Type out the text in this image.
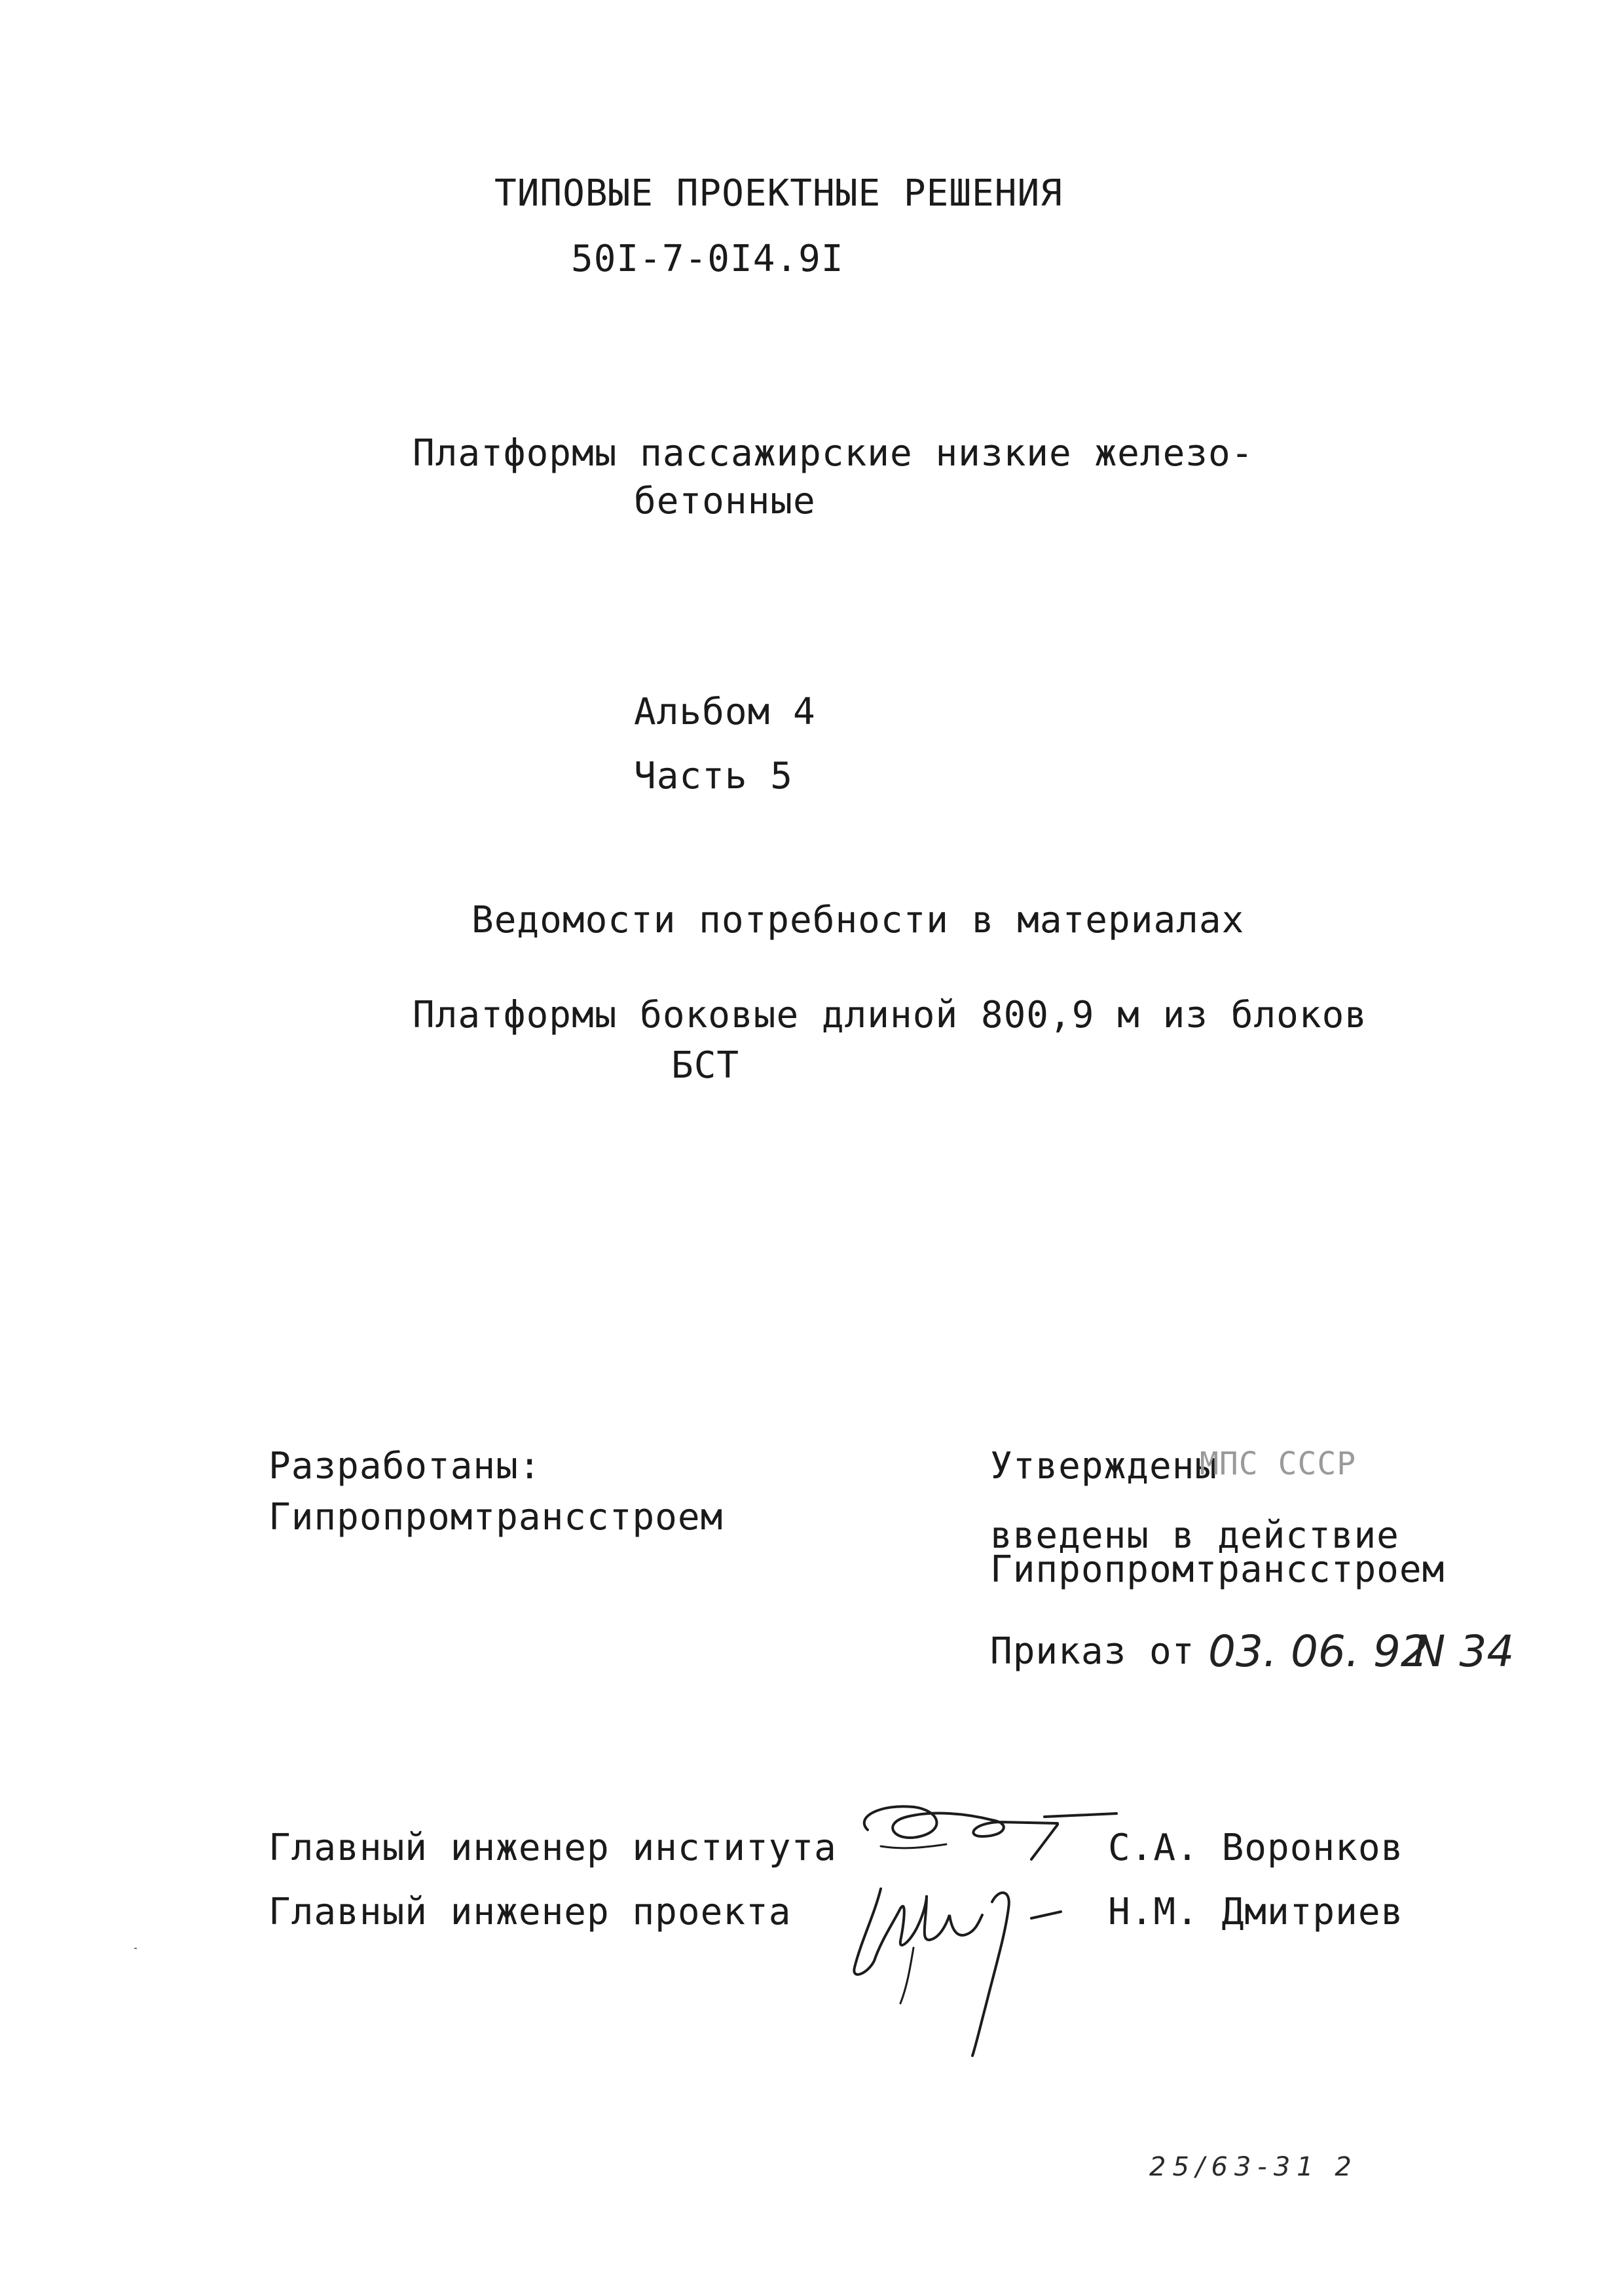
ТИПОВЫЕ ПРОЕКТНЫЕ РЕШЕНИЯ
50I-7-0I4.9I
Платформы пассажирские низкие железо-
бетонные
Альбом 4
Часть 5
Ведомости потребности в материалах
Платформы боковые длиной 800,9 м из блоков
БСТ
Разработаны:
Гипропромтрансстроем
Утверждены
МПС СССР
введены в действие
Гипропромтрансстроем
Приказ от 03. 06. 92
N 34
Главный инженер института
Главный инженер проекта
С.А. Воронков
Н.М. Дмитриев
25/63-31 2
